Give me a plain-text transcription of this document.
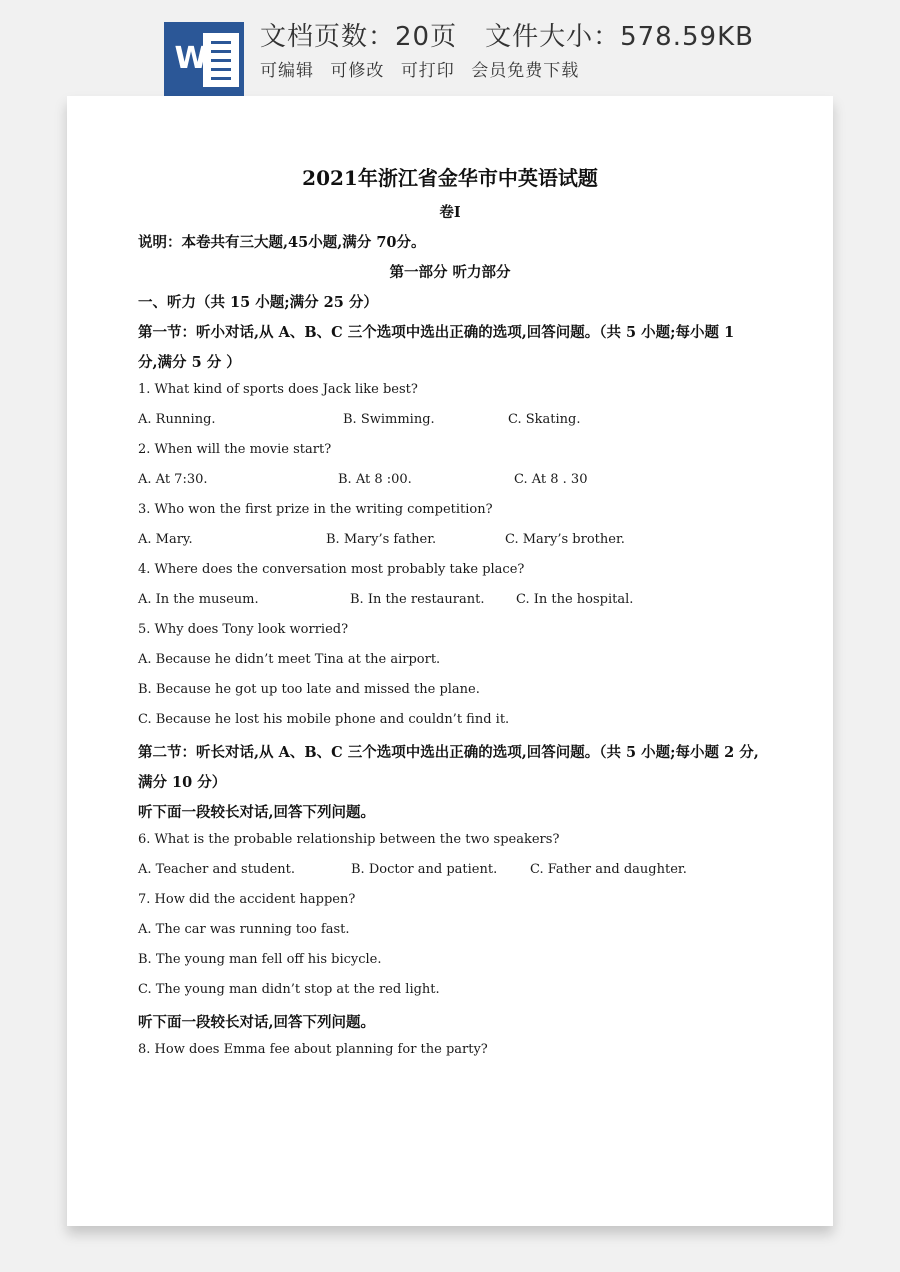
W
文档页数：20页 文件大小：578.59KB
可编辑 可修改 可打印 会员免费下载
2021年浙江省金华市中英语试题
卷I
说明：本卷共有三大题,45小题,满分 70分。
第一部分 听力部分
一、听力（共 15 小题;满分 25 分）
第一节：听小对话,从 A、B、C 三个选项中选出正确的选项,回答问题。（共 5 小题;每小题 1
分,满分 5 分 ）
1. What kind of sports does Jack like best?
A. Running.	B. Swimming.	C. Skating.
2. When will the movie start?
A. At 7:30.	B. At 8 :00.	C. At 8 . 30
3. Who won the first prize in the writing competition?
A. Mary.	B. Mary’s father.	C. Mary’s brother.
4. Where does the conversation most probably take place?
A. In the museum.	B. In the restaurant. C. In the hospital.
5. Why does Tony look worried?
A. Because he didn’t meet Tina at the airport.
B. Because he got up too late and missed the plane.
C. Because he lost his mobile phone and couldn’t find it.
第二节：听长对话,从 A、B、C 三个选项中选出正确的选项,回答问题。（共 5 小题;每小题 2 分,
满分 10 分）
听下面一段较长对话,回答下列问题。
6. What is the probable relationship between the two speakers?
A. Teacher and student.	B. Doctor and patient.	C. Father and daughter.
7. How did the accident happen?
A. The car was running too fast.
B. The young man fell off his bicycle.
C. The young man didn’t stop at the red light.
听下面一段较长对话,回答下列问题。
8. How does Emma fee about planning for the party?
